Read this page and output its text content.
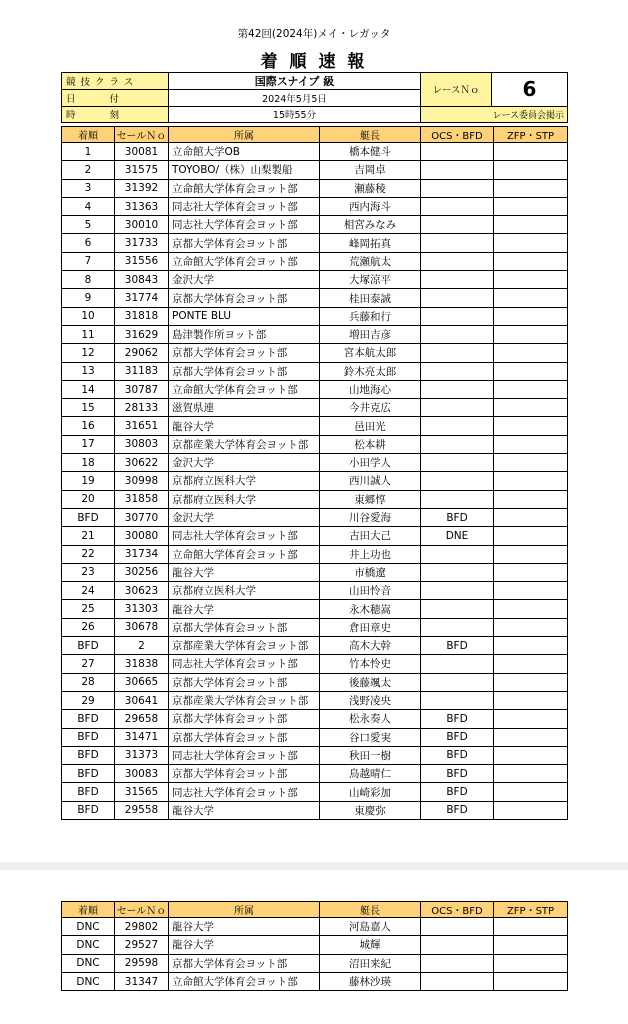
第42回(2024年)メイ・レガッタ
着 順 速 報
競技クラス	国際スナイプ 級	レースＮｏ	6
日　　付	2024年5月5日		
時　　刻	15時55分	レース委員会掲示	
着順	セールＮｏ	所属	艇長	OCS・BFD	ZFP・STP
1	30081	立命館大学OB	橋本健斗		
2	31575	TOYOBO/（株）山梨製船	吉岡卓		
3	31392	立命館大学体育会ヨット部	瀬藤稜		
4	31363	同志社大学体育会ヨット部	西内海斗		
5	30010	同志社大学体育会ヨット部	相宮みなみ		
6	31733	京都大学体育会ヨット部	峰岡拓真		
7	31556	立命館大学体育会ヨット部	荒瀬航太		
8	30843	金沢大学	大塚涼平		
9	31774	京都大学体育会ヨット部	桂田泰誠		
10	31818	PONTE BLU	兵藤和行		
11	31629	島津製作所ヨット部	増田吉彦		
12	29062	京都大学体育会ヨット部	宮本航太郎		
13	31183	京都大学体育会ヨット部	鈴木亮太郎		
14	30787	立命館大学体育会ヨット部	山地海心		
15	28133	滋賀県連	今井克広		
16	31651	龍谷大学	邑田光		
17	30803	京都産業大学体育会ヨット部	松本耕		
18	30622	金沢大学	小田学人		
19	30998	京都府立医科大学	西川誠人		
20	31858	京都府立医科大学	東郷惇		
BFD	30770	金沢大学	川谷愛海	BFD	
21	30080	同志社大学体育会ヨット部	古田大己	DNE	
22	31734	立命館大学体育会ヨット部	井上功也		
23	30256	龍谷大学	市橋遼		
24	30623	京都府立医科大学	山田怜音		
25	31303	龍谷大学	永木穂嵩		
26	30678	京都大学体育会ヨット部	倉田章史		
BFD	2	京都産業大学体育会ヨット部	高木大幹	BFD	
27	31838	同志社大学体育会ヨット部	竹本怜史		
28	30665	京都大学体育会ヨット部	後藤颯太		
29	30641	京都産業大学体育会ヨット部	浅野凌央		
BFD	29658	京都大学体育会ヨット部	松永奏人	BFD	
BFD	31471	京都大学体育会ヨット部	谷口愛実	BFD	
BFD	31373	同志社大学体育会ヨット部	秋田一樹	BFD	
BFD	30083	京都大学体育会ヨット部	鳥越晴仁	BFD	
BFD	31565	同志社大学体育会ヨット部	山崎彩加	BFD	
BFD	29558	龍谷大学	東慶弥	BFD	
着順	セールＮｏ	所属	艇長	OCS・BFD	ZFP・STP
DNC	29802	龍谷大学	河島嘉人		
DNC	29527	龍谷大学	城輝		
DNC	29598	京都大学体育会ヨット部	沼田来紀		
DNC	31347	立命館大学体育会ヨット部	藤林沙瑛		
